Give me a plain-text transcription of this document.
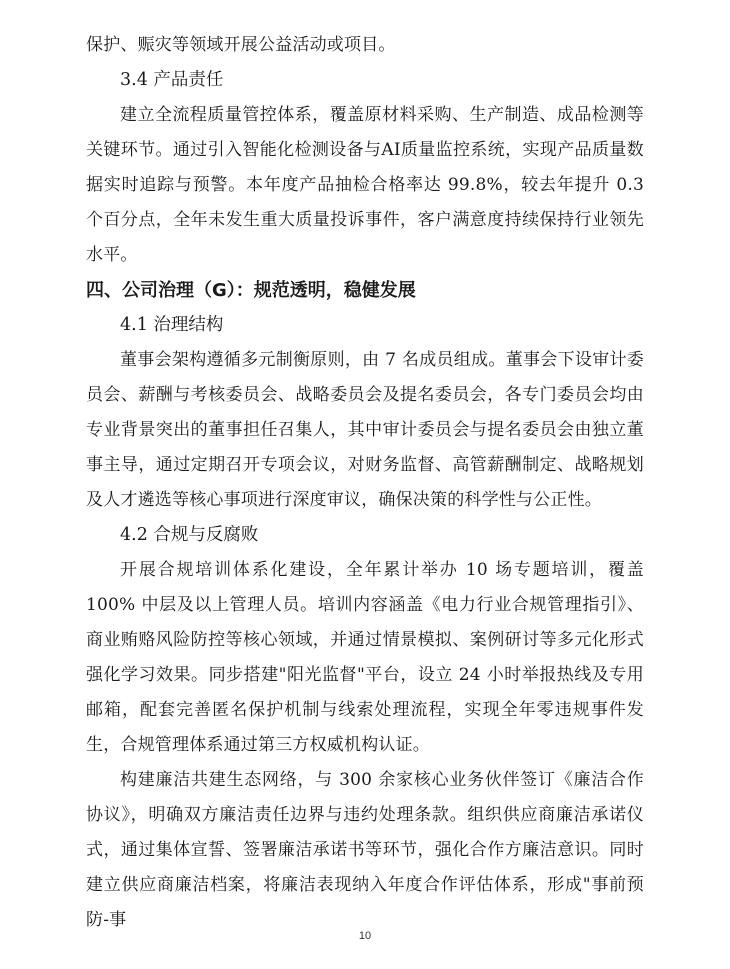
保护、赈灾等领域开展公益活动或项目。

3.4 产品责任

建立全流程质量管控体系，覆盖原材料采购、生产制造、成品检测等关键环节。通过引入智能化检测设备与AI质量监控系统，实现产品质量数据实时追踪与预警。本年度产品抽检合格率达 99.8%，较去年提升 0.3 个百分点，全年未发生重大质量投诉事件，客户满意度持续保持行业领先水平。

四、公司治理（G）：规范透明，稳健发展
4.1 治理结构

董事会架构遵循多元制衡原则，由 7 名成员组成。董事会下设审计委员会、薪酬与考核委员会、战略委员会及提名委员会，各专门委员会均由专业背景突出的董事担任召集人，其中审计委员会与提名委员会由独立董事主导，通过定期召开专项会议，对财务监督、高管薪酬制定、战略规划及人才遴选等核心事项进行深度审议，确保决策的科学性与公正性。

4.2 合规与反腐败

开展合规培训体系化建设，全年累计举办 10 场专题培训，覆盖 100% 中层及以上管理人员。培训内容涵盖《电力行业合规管理指引》、商业贿赂风险防控等核心领域，并通过情景模拟、案例研讨等多元化形式强化学习效果。同步搭建"阳光监督"平台，设立 24 小时举报热线及专用邮箱，配套完善匿名保护机制与线索处理流程，实现全年零违规事件发生，合规管理体系通过第三方权威机构认证。

构建廉洁共建生态网络，与 300 余家核心业务伙伴签订《廉洁合作协议》，明确双方廉洁责任边界与违约处理条款。组织供应商廉洁承诺仪式，通过集体宣誓、签署廉洁承诺书等环节，强化合作方廉洁意识。同时建立供应商廉洁档案，将廉洁表现纳入年度合作评估体系，形成"事前预防-事

10
